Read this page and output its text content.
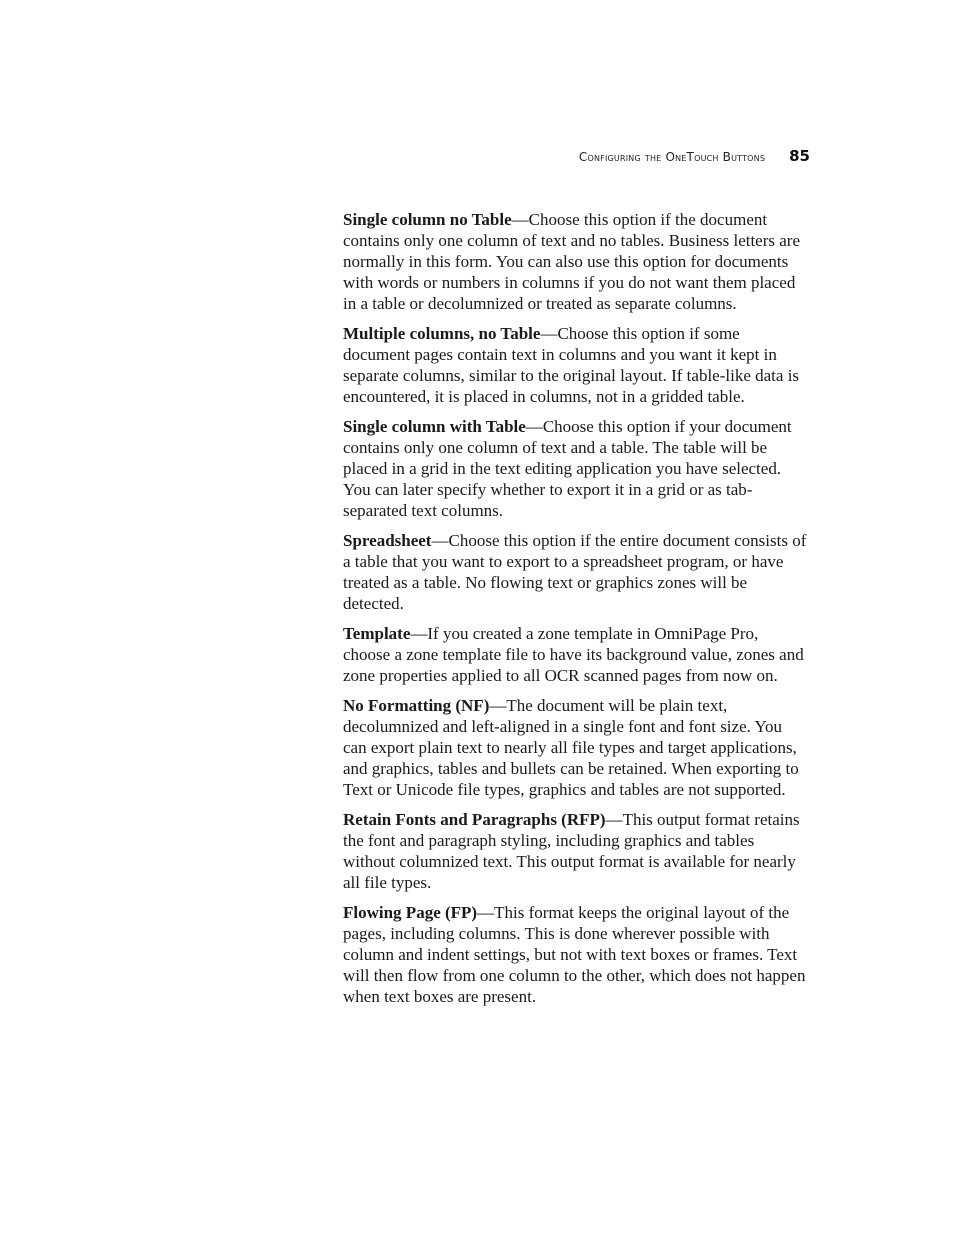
Configuring the OneTouch Buttons 85

Single column no Table—Choose this option if the document contains only one column of text and no tables. Business letters are normally in this form. You can also use this option for documents with words or numbers in columns if you do not want them placed in a table or decolumnized or treated as separate columns.

Multiple columns, no Table—Choose this option if some document pages contain text in columns and you want it kept in separate columns, similar to the original layout. If table-like data is encountered, it is placed in columns, not in a gridded table.

Single column with Table—Choose this option if your document contains only one column of text and a table. The table will be placed in a grid in the text editing application you have selected. You can later specify whether to export it in a grid or as tab-separated text columns.

Spreadsheet—Choose this option if the entire document consists of a table that you want to export to a spreadsheet program, or have treated as a table. No flowing text or graphics zones will be detected.

Template—If you created a zone template in OmniPage Pro, choose a zone template file to have its background value, zones and zone properties applied to all OCR scanned pages from now on.

No Formatting (NF)—The document will be plain text, decolumnized and left-aligned in a single font and font size. You can export plain text to nearly all file types and target applications, and graphics, tables and bullets can be retained. When exporting to Text or Unicode file types, graphics and tables are not supported.

Retain Fonts and Paragraphs (RFP)—This output format retains the font and paragraph styling, including graphics and tables without columnized text. This output format is available for nearly all file types.

Flowing Page (FP)—This format keeps the original layout of the pages, including columns. This is done wherever possible with column and indent settings, but not with text boxes or frames. Text will then flow from one column to the other, which does not happen when text boxes are present.
